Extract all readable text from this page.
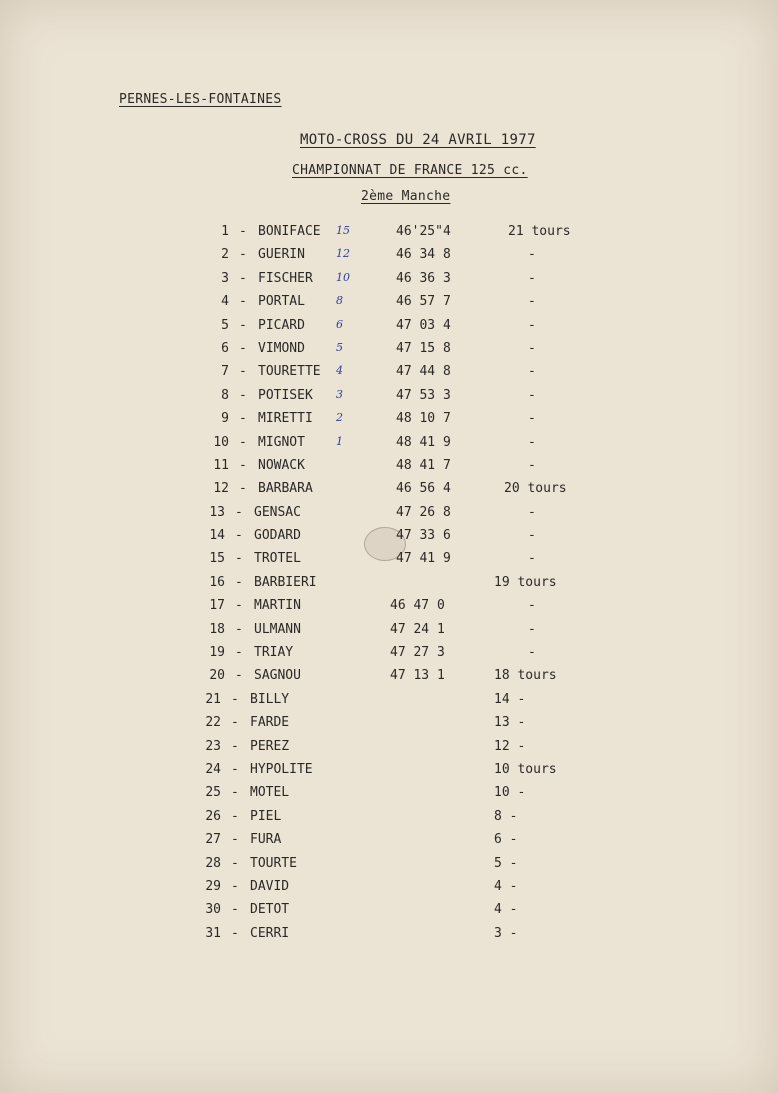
PERNES-LES-FONTAINES
MOTO-CROSS DU 24 AVRIL 1977
CHAMPIONNAT DE FRANCE 125 cc.
2ème Manche
1 - BONIFACE 15	46'25"4	21 tours
2 - GUERIN	12	46 34 8	-
3 - FISCHER 10	46 36 3	-
4 - PORTAL	8	46 57 7	-
5 - PICARD	6	47 03 4	-
6 - VIMOND	5	47 15 8	-
7 - TOURETTE 4	47 44 8	-
8 - POTISEK 3	47 53 3	-
9 - MIRETTI 2	48 10 7	-
10 - MIGNOT	1	48 41 9	-
11 - NOWACK	48 41 7	-
12 - BARBARA	46 56 4	20 tours
13 - GENSAC	47 26 8	-
14 - GODARD	47 33 6	-
15 - TROTEL	47 41 9	-
16 - BARBIERI	19 tours
17 - MARTIN	46 47 0	-
18 - ULMANN	47 24 1	-
19 - TRIAY	47 27 3	-
20 - SAGNOU	47 13 1	18 tours
21 - BILLY	14 -
22 - FARDE	13 -
23 - PEREZ	12 -
24 - HYPOLITE	10 tours
25 - MOTEL	10 -
26 - PIEL	8 -
27 - FURA	6 -
28 - TOURTE	5 -
29 - DAVID	4 -
30 - DETOT	4 -
31 - CERRI	3 -
